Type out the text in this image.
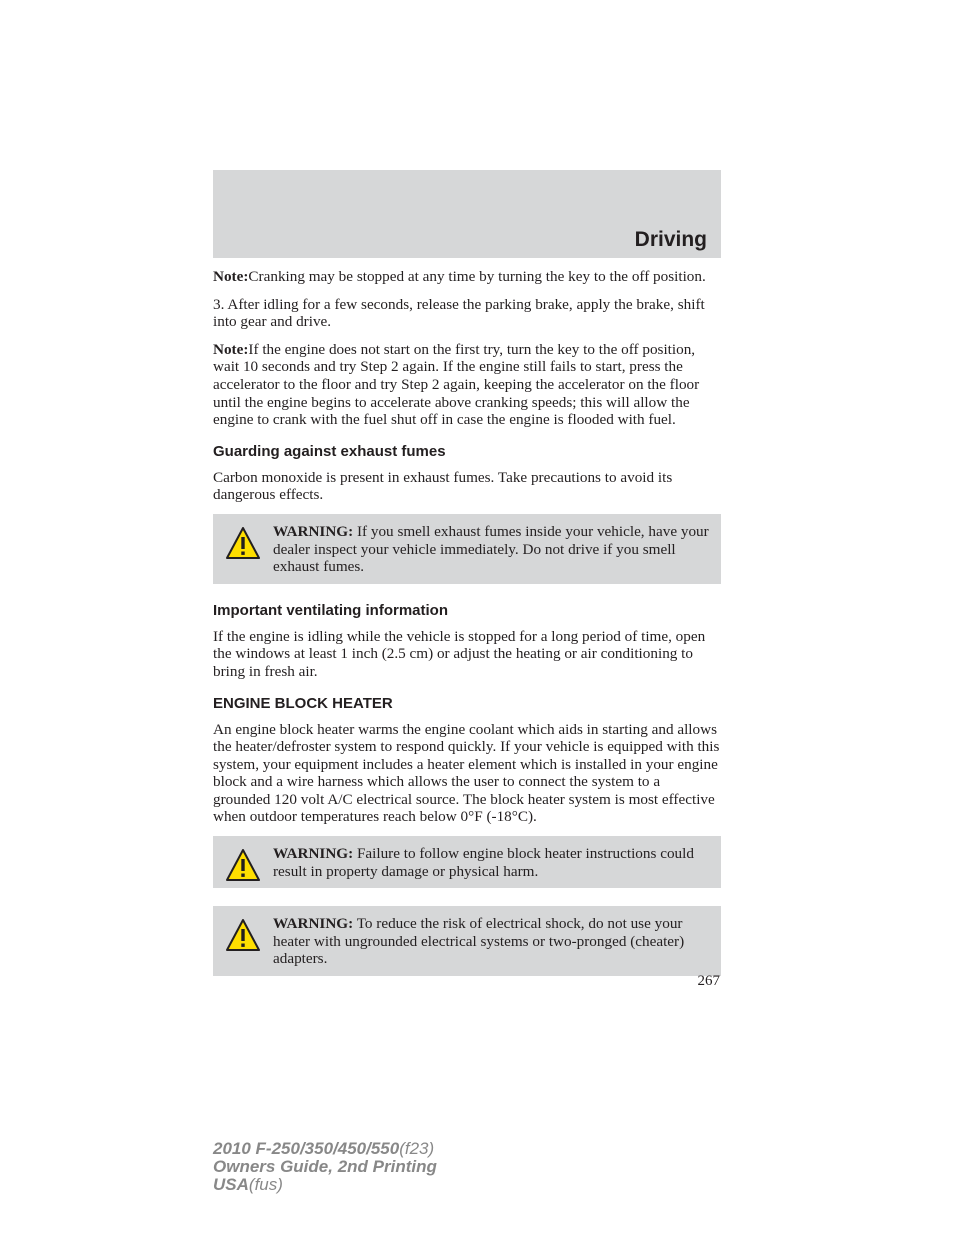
Driving

Note:Cranking may be stopped at any time by turning the key to the off position.

3. After idling for a few seconds, release the parking brake, apply the brake, shift into gear and drive.

Note:If the engine does not start on the first try, turn the key to the off position, wait 10 seconds and try Step 2 again. If the engine still fails to start, press the accelerator to the floor and try Step 2 again, keeping the accelerator on the floor until the engine begins to accelerate above cranking speeds; this will allow the engine to crank with the fuel shut off in case the engine is flooded with fuel.

Guarding against exhaust fumes

Carbon monoxide is present in exhaust fumes. Take precautions to avoid its dangerous effects.

WARNING: If you smell exhaust fumes inside your vehicle, have your dealer inspect your vehicle immediately. Do not drive if you smell exhaust fumes.
Important ventilating information

If the engine is idling while the vehicle is stopped for a long period of time, open the windows at least 1 inch (2.5 cm) or adjust the heating or air conditioning to bring in fresh air.

ENGINE BLOCK HEATER

An engine block heater warms the engine coolant which aids in starting and allows the heater/defroster system to respond quickly. If your vehicle is equipped with this system, your equipment includes a heater element which is installed in your engine block and a wire harness which allows the user to connect the system to a grounded 120 volt A/C electrical source. The block heater system is most effective when outdoor temperatures reach below 0°F (-18°C).

WARNING: Failure to follow engine block heater instructions could result in property damage or physical harm.
WARNING: To reduce the risk of electrical shock, do not use your heater with ungrounded electrical systems or two-pronged (cheater) adapters.
267
2010 F-250/350/450/550(f23)
Owners Guide, 2nd Printing
USA(fus)
